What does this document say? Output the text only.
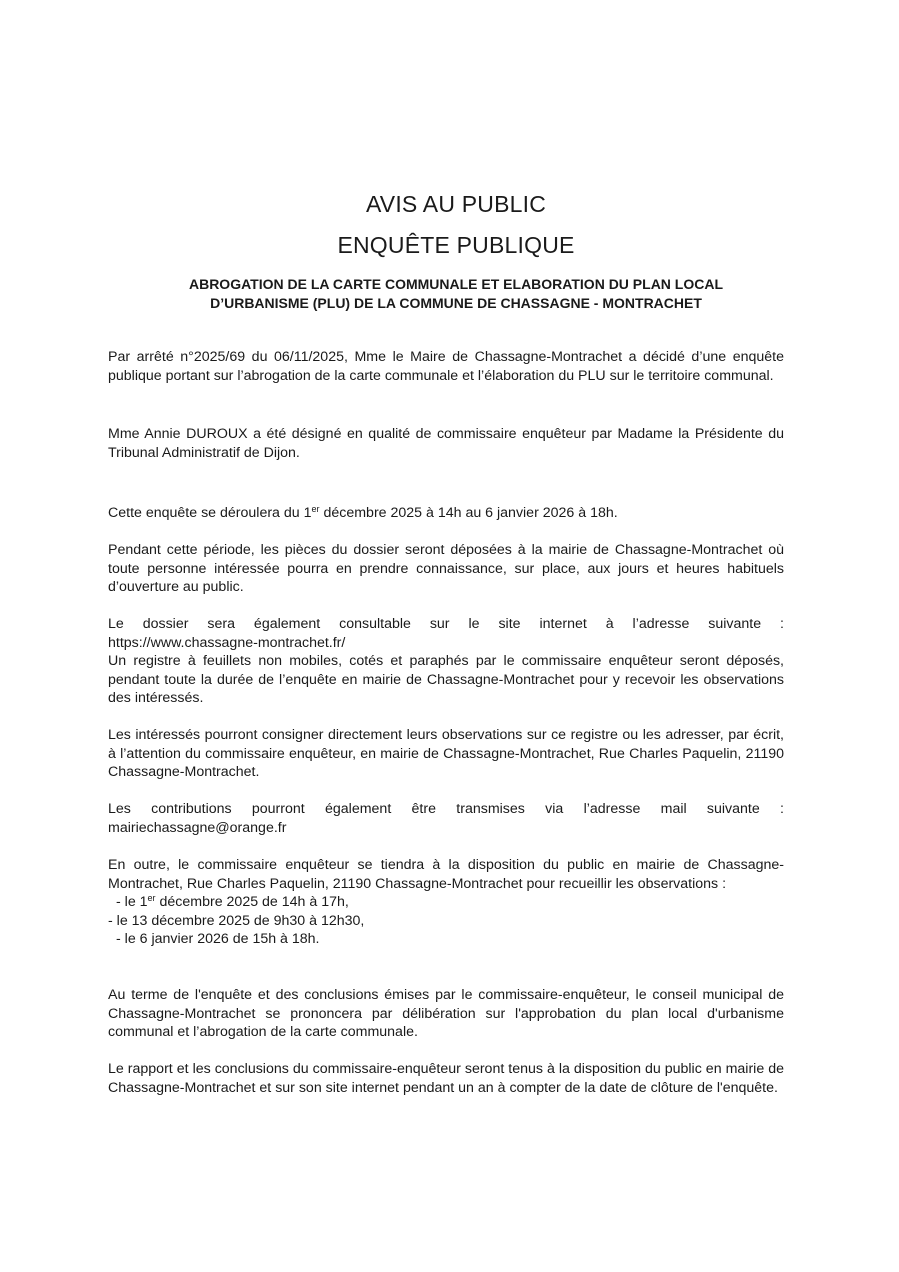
AVIS AU PUBLIC
ENQUÊTE PUBLIQUE
ABROGATION DE LA CARTE COMMUNALE ET ELABORATION DU PLAN LOCAL
D’URBANISME (PLU) DE LA COMMUNE DE CHASSAGNE - MONTRACHET

Par arrêté n°2025/69 du 06/11/2025, Mme le Maire de Chassagne-Montrachet a décidé d’une enquête publique portant sur l’abrogation de la carte communale et l’élaboration du PLU sur le territoire communal.

Mme Annie DUROUX a été désigné en qualité de commissaire enquêteur par Madame la Présidente du Tribunal Administratif de Dijon.

Cette enquête se déroulera du 1er décembre 2025 à 14h au 6 janvier 2026 à 18h.

Pendant cette période, les pièces du dossier seront déposées à la mairie de Chassagne-Montrachet où toute personne intéressée pourra en prendre connaissance, sur place, aux jours et heures habituels d’ouverture au public.

Le dossier sera également consultable sur le site internet à l’adresse suivante :
https://www.chassagne-montrachet.fr/

Un registre à feuillets non mobiles, cotés et paraphés par le commissaire enquêteur seront déposés, pendant toute la durée de l’enquête en mairie de Chassagne-Montrachet pour y recevoir les observations des intéressés.

Les intéressés pourront consigner directement leurs observations sur ce registre ou les adresser, par écrit, à l’attention du commissaire enquêteur, en mairie de Chassagne-Montrachet, Rue Charles Paquelin, 21190 Chassagne-Montrachet.

Les contributions pourront également être transmises via l’adresse mail suivante :
mairiechassagne@orange.fr

En outre, le commissaire enquêteur se tiendra à la disposition du public en mairie de Chassagne-Montrachet, Rue Charles Paquelin, 21190 Chassagne-Montrachet pour recueillir les observations :

- le 1er décembre 2025 de 14h à 17h,
- le 13 décembre 2025 de 9h30 à 12h30,
- le 6 janvier 2026 de 15h à 18h.

Au terme de l'enquête et des conclusions émises par le commissaire-enquêteur, le conseil municipal de Chassagne-Montrachet se prononcera par délibération sur l'approbation du plan local d'urbanisme communal et l’abrogation de la carte communale.

Le rapport et les conclusions du commissaire-enquêteur seront tenus à la disposition du public en mairie de Chassagne-Montrachet et sur son site internet pendant un an à compter de la date de clôture de l'enquête.
